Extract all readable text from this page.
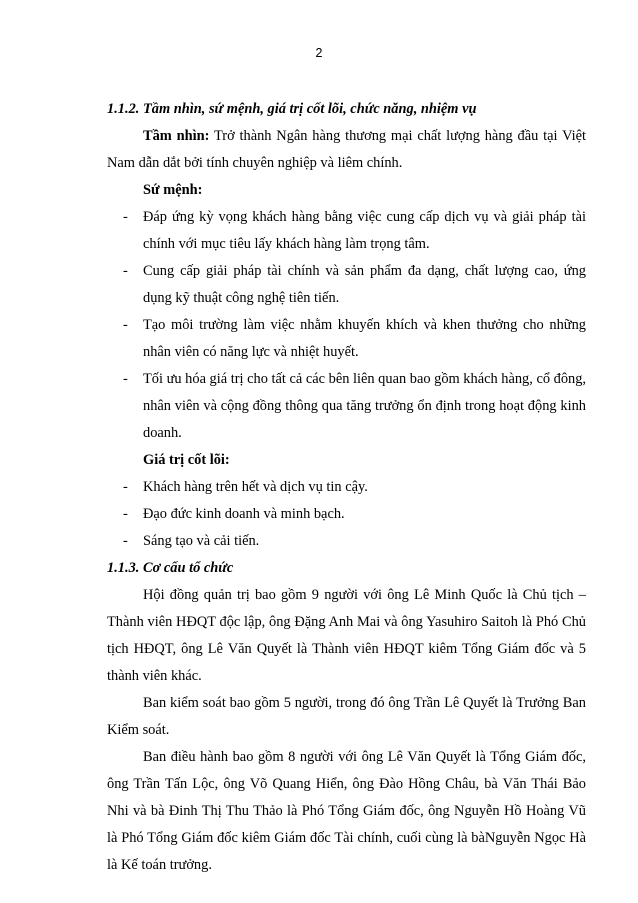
2

1.1.2. Tầm nhìn, sứ mệnh, giá trị cốt lõi, chức năng, nhiệm vụ

Tầm nhìn: Trở thành Ngân hàng thương mại chất lượng hàng đầu tại Việt Nam dẫn dắt bởi tính chuyên nghiệp và liêm chính.

Sứ mệnh:

- Đáp ứng kỳ vọng khách hàng bằng việc cung cấp dịch vụ và giải pháp tài chính với mục tiêu lấy khách hàng làm trọng tâm.
- Cung cấp giải pháp tài chính và sản phẩm đa dạng, chất lượng cao, ứng dụng kỹ thuật công nghệ tiên tiến.
- Tạo môi trường làm việc nhằm khuyến khích và khen thưởng cho những nhân viên có năng lực và nhiệt huyết.
- Tối ưu hóa giá trị cho tất cả các bên liên quan bao gồm khách hàng, cổ đông, nhân viên và cộng đồng thông qua tăng trưởng ổn định trong hoạt động kinh doanh.

Giá trị cốt lõi:

- Khách hàng trên hết và dịch vụ tin cậy.
- Đạo đức kinh doanh và minh bạch.
- Sáng tạo và cải tiến.

1.1.3. Cơ cấu tổ chức

Hội đồng quản trị bao gồm 9 người với ông Lê Minh Quốc là Chủ tịch – Thành viên HĐQT độc lập, ông Đặng Anh Mai và ông Yasuhiro Saitoh là Phó Chủ tịch HĐQT, ông Lê Văn Quyết là Thành viên HĐQT kiêm Tổng Giám đốc và 5 thành viên khác.

Ban kiểm soát bao gồm 5 người, trong đó ông Trần Lê Quyết là Trưởng Ban Kiểm soát.

Ban điều hành bao gồm 8 người với ông Lê Văn Quyết là Tổng Giám đốc, ông Trần Tấn Lộc, ông Võ Quang Hiển, ông Đào Hồng Châu, bà Văn Thái Bảo Nhi và bà Đinh Thị Thu Thảo là Phó Tổng Giám đốc, ông Nguyễn Hồ Hoàng Vũ là Phó Tổng Giám đốc kiêm Giám đốc Tài chính, cuối cùng là bàNguyễn Ngọc Hà là Kế toán trưởng.
